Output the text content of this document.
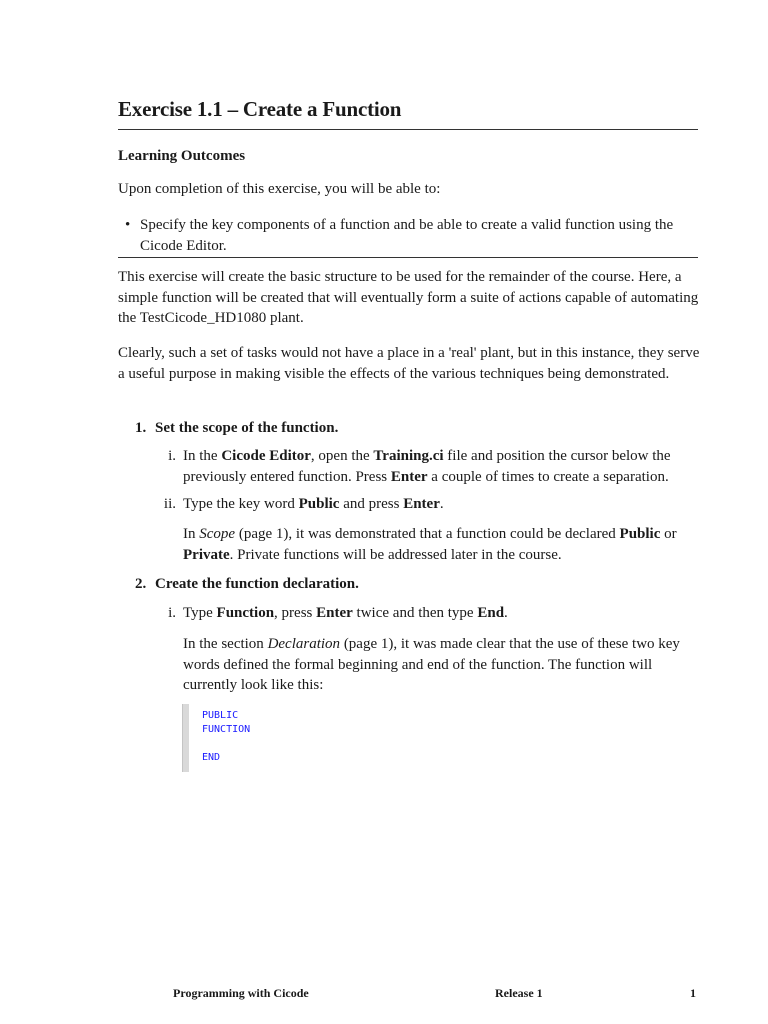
Exercise 1.1 – Create a Function
Learning Outcomes
Upon completion of this exercise, you will be able to:
• Specify the key components of a function and be able to create a valid function using the Cicode Editor.
This exercise will create the basic structure to be used for the remainder of the course. Here, a simple function will be created that will eventually form a suite of actions capable of automating the TestCicode_HD1080 plant.
Clearly, such a set of tasks would not have a place in a 'real' plant, but in this instance, they serve a useful purpose in making visible the effects of the various techniques being demonstrated.
1. Set the scope of the function.
i. In the Cicode Editor, open the Training.ci file and position the cursor below the previously entered function. Press Enter a couple of times to create a separation.
ii. Type the key word Public and press Enter.
In Scope (page 1), it was demonstrated that a function could be declared Public or Private. Private functions will be addressed later in the course.
2. Create the function declaration.
i. Type Function, press Enter twice and then type End.
In the section Declaration (page 1), it was made clear that the use of these two key words defined the formal beginning and end of the function. The function will currently look like this:
PUBLIC
FUNCTION
END
Programming with Cicode	Release 1	1
